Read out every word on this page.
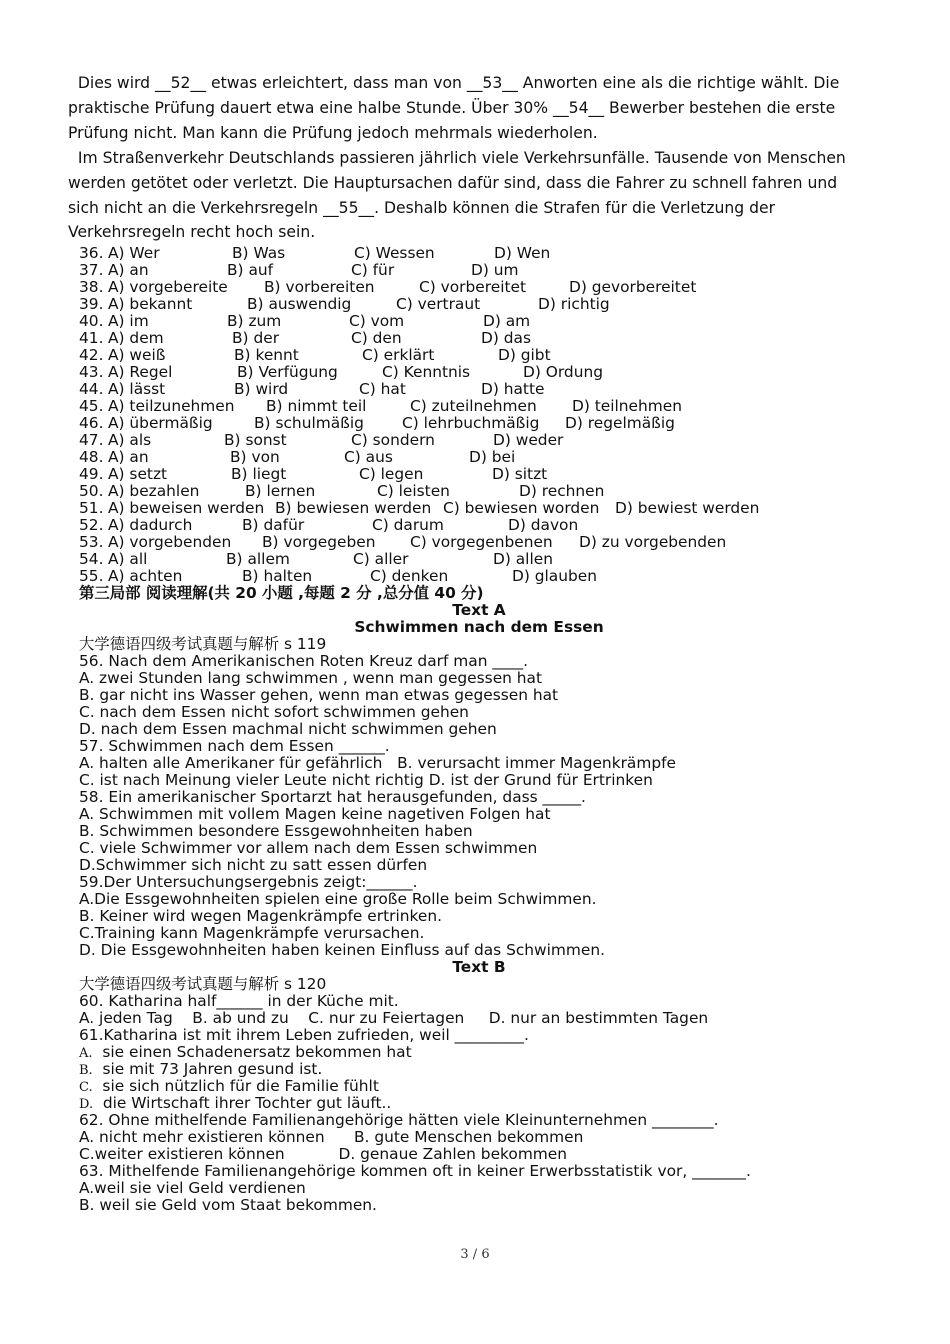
Dies wird __52__ etwas erleichtert, dass man von __53__ Anworten eine als die richtige wählt. Die praktische Prüfung dauert etwa eine halbe Stunde. Über 30% __54__ Bewerber bestehen die erste Prüfung nicht. Man kann die Prüfung jedoch mehrmals wiederholen.
Im Straßenverkehr Deutschlands passieren jährlich viele Verkehrsunfälle. Tausende von Menschen werden getötet oder verletzt. Die Hauptursachen dafür sind, dass die Fahrer zu schnell fahren und sich nicht an die Verkehrsregeln __55__. Deshalb können die Strafen für die Verletzung der Verkehrsregeln recht hoch sein.
36. A) Wer	B) Was	C) Wessen	D) Wen
37. A) an	B) auf	C) für	D) um
38. A) vorgebereite B) vorbereiten	C) vorbereitet	D) gevorbereitet
39. A) bekannt	B) auswendig	C) vertraut	D) richtig
40. A) im	B) zum	C) vom	D) am
41. A) dem	B) der	C) den	D) das
42. A) weiß	B) kennt	C) erklärt	D) gibt
43. A) Regel	B) Verfügung	C) Kenntnis	D) Ordung
44. A) lässt	B) wird	C) hat	D) hatte
45. A) teilzunehmen B) nimmt teil	C) zuteilnehmen D) teilnehmen
46. A) übermäßig	B) schulmäßig C) lehrbuchmäßig D) regelmäßig
47. A) als	B) sonst	C) sondern	D) weder
48. A) an	B) von	C) aus	D) bei
49. A) setzt	B) liegt	C) legen	D) sitzt
50. A) bezahlen	B) lernen	C) leisten	D) rechnen
51. A) beweisen werden B) bewiesen werden C) bewiesen worden D) bewiest werden
52. A) dadurch	B) dafür	C) darum	D) davon
53. A) vorgebenden B) vorgegeben C) vorgegenbenen D) zu vorgebenden
54. A) all	B) allem	C) aller	D) allen
55. A) achten	B) halten	C) denken	D) glauben
第三局部 阅读理解(共 20 小题 ,每题 2 分 ,总分值 40 分)
Text A
Schwimmen nach dem Essen
大学德语四级考试真题与解析 s 119
56. Nach dem Amerikanischen Roten Kreuz darf man ____.
A. zwei Stunden lang schwimmen , wenn man gegessen hat
B. gar nicht ins Wasser gehen, wenn man etwas gegessen hat
C. nach dem Essen nicht sofort schwimmen gehen
D. nach dem Essen machmal nicht schwimmen gehen
57. Schwimmen nach dem Essen ______.
A. halten alle Amerikaner für gefährlich   B. verursacht immer Magenkrämpfe
C. ist nach Meinung vieler Leute nicht richtig D. ist der Grund für Ertrinken
58. Ein amerikanischer Sportarzt hat herausgefunden, dass _____.
A. Schwimmen mit vollem Magen keine nagetiven Folgen hat
B. Schwimmen besondere Essgewohnheiten haben
C. viele Schwimmer vor allem nach dem Essen schwimmen
D.Schwimmer sich nicht zu satt essen dürfen
59.Der Untersuchungsergebnis zeigt:______.
A.Die Essgewohnheiten spielen eine große Rolle beim Schwimmen.
B. Keiner wird wegen Magenkrämpfe ertrinken.
C.Training kann Magenkrämpfe verursachen.
D. Die Essgewohnheiten haben keinen Einfluss auf das Schwimmen.
Text B
大学德语四级考试真题与解析 s 120
60. Katharina half______ in der Küche mit.
A. jeden Tag    B. ab und zu    C. nur zu Feiertagen     D. nur an bestimmten Tagen
61.Katharina ist mit ihrem Leben zufrieden, weil _________.
A. sie einen Schadenersatz bekommen hat
B. sie mit 73 Jahren gesund ist.
C. sie sich nützlich für die Familie fühlt
D. die Wirtschaft ihrer Tochter gut läuft..
62. Ohne mithelfende Familienangehörige hätten viele Kleinunternehmen ________.
A. nicht mehr existieren können      B. gute Menschen bekommen
C.weiter existieren können           D. genaue Zahlen bekommen
63. Mithelfende Familienangehörige kommen oft in keiner Erwerbsstatistik vor, _______.
A.weil sie viel Geld verdienen
B. weil sie Geld vom Staat bekommen.
3 / 6
